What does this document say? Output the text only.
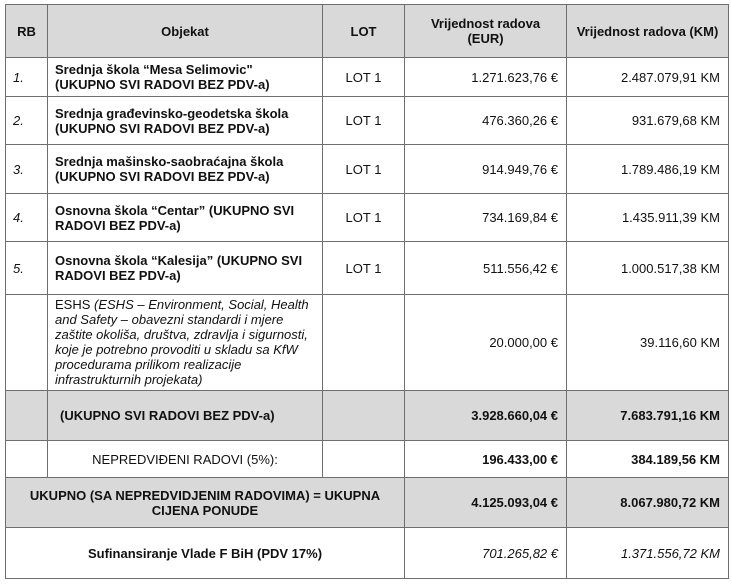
RB	Objekat	LOT	Vrijednost radova (EUR)	Vrijednost radova (KM)
1.	Srednja škola “Mesa Selimovic" (UKUPNO SVI RADOVI BEZ PDV-a)	LOT 1	1.271.623,76 €	2.487.079,91 KM
2.	Srednja građevinsko-geodetska škola (UKUPNO SVI RADOVI BEZ PDV-a)	LOT 1	476.360,26 €	931.679,68 KM
3.	Srednja mašinsko-saobraćajna škola (UKUPNO SVI RADOVI BEZ PDV-a)	LOT 1	914.949,76 €	1.789.486,19 KM
4.	Osnovna škola “Centar” (UKUPNO SVI RADOVI BEZ PDV-a)	LOT 1	734.169,84 €	1.435.911,39 KM
5.	Osnovna škola “Kalesija” (UKUPNO SVI RADOVI BEZ PDV-a)	LOT 1	511.556,42 €	1.000.517,38 KM
	ESHS (ESHS – Environment, Social, Health and Safety – obavezni standardi i mjere zaštite okoliša, društva, zdravlja i sigurnosti, koje je potrebno provoditi u skladu sa KfW procedurama prilikom realizacije infrastrukturnih projekata)		20.000,00 €	39.116,60 KM
	(UKUPNO SVI RADOVI BEZ PDV-a)		3.928.660,04 €	7.683.791,16 KM
	NEPREDVIĐENI RADOVI (5%):		196.433,00 €	384.189,56 KM
UKUPNO (SA NEPREDVIDJENIM RADOVIMA) = UKUPNA CIJENA PONUDE			4.125.093,04 €	8.067.980,72 KM
Sufinansiranje Vlade F BiH (PDV 17%)			701.265,82 €	1.371.556,72 KM
